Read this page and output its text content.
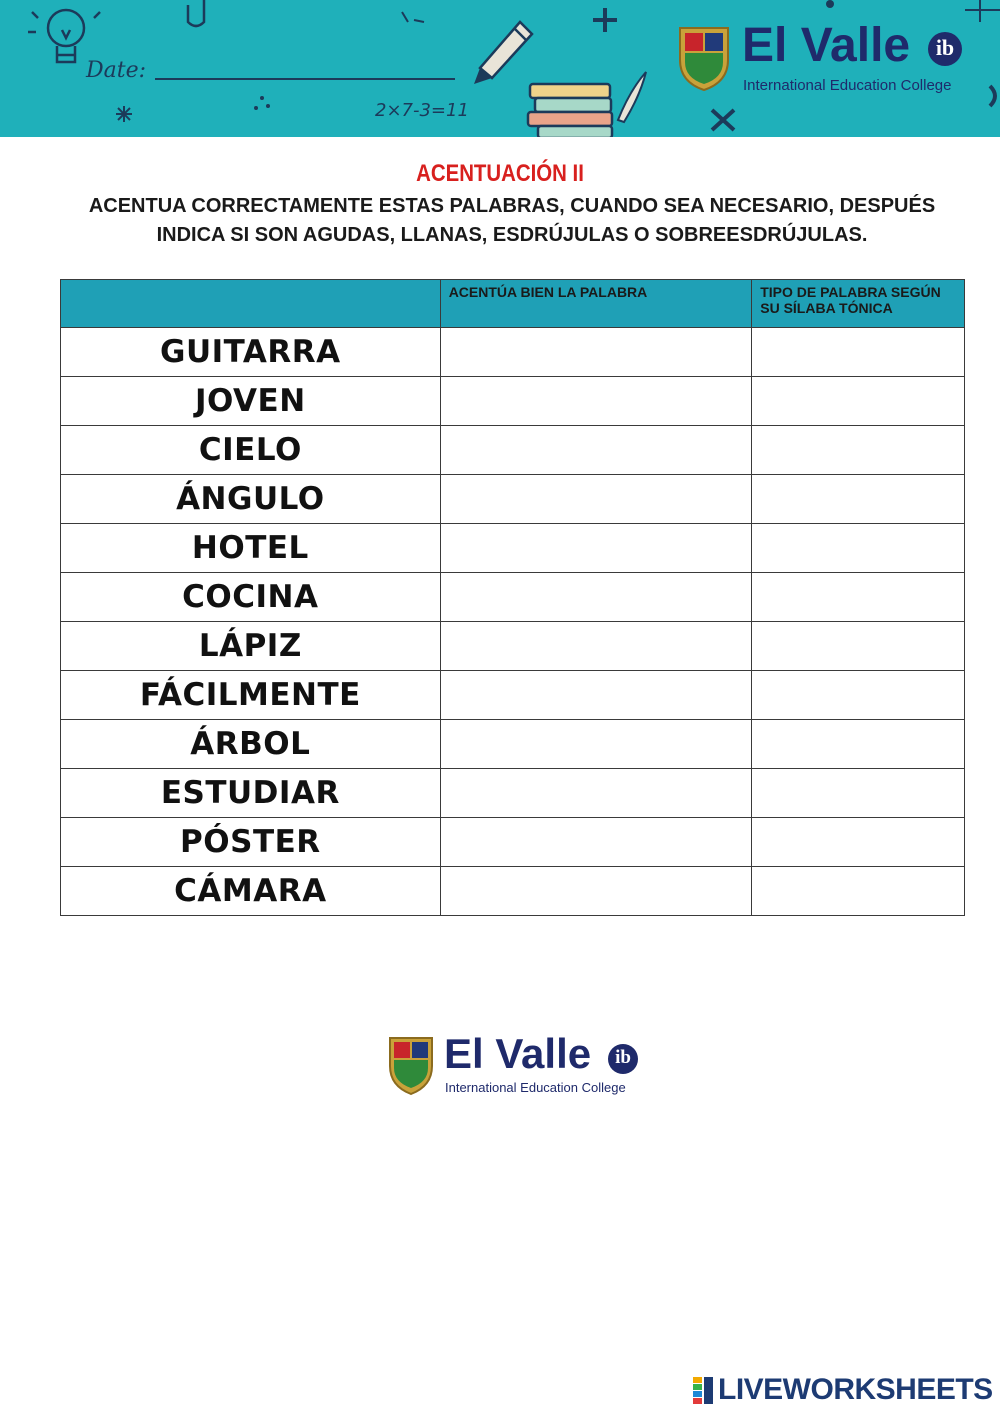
Date:
2×7-3=11
El Valle	ib
International Education College
ACENTUACIÓN II
ACENTUA CORRECTAMENTE ESTAS PALABRAS, CUANDO SEA NECESARIO, DESPUÉS INDICA SI SON AGUDAS, LLANAS, ESDRÚJULAS O SOBREESDRÚJULAS.
	ACENTÚA BIEN LA PALABRA	TIPO DE PALABRA SEGÚN SU SÍLABA TÓNICA
GUITARRA		
JOVEN		
CIELO		
ÁNGULO		
HOTEL		
COCINA		
LÁPIZ		
FÁCILMENTE		
ÁRBOL		
ESTUDIAR		
PÓSTER		
CÁMARA		
El Valle	ib
International Education College
LIVEWORKSHEETS
